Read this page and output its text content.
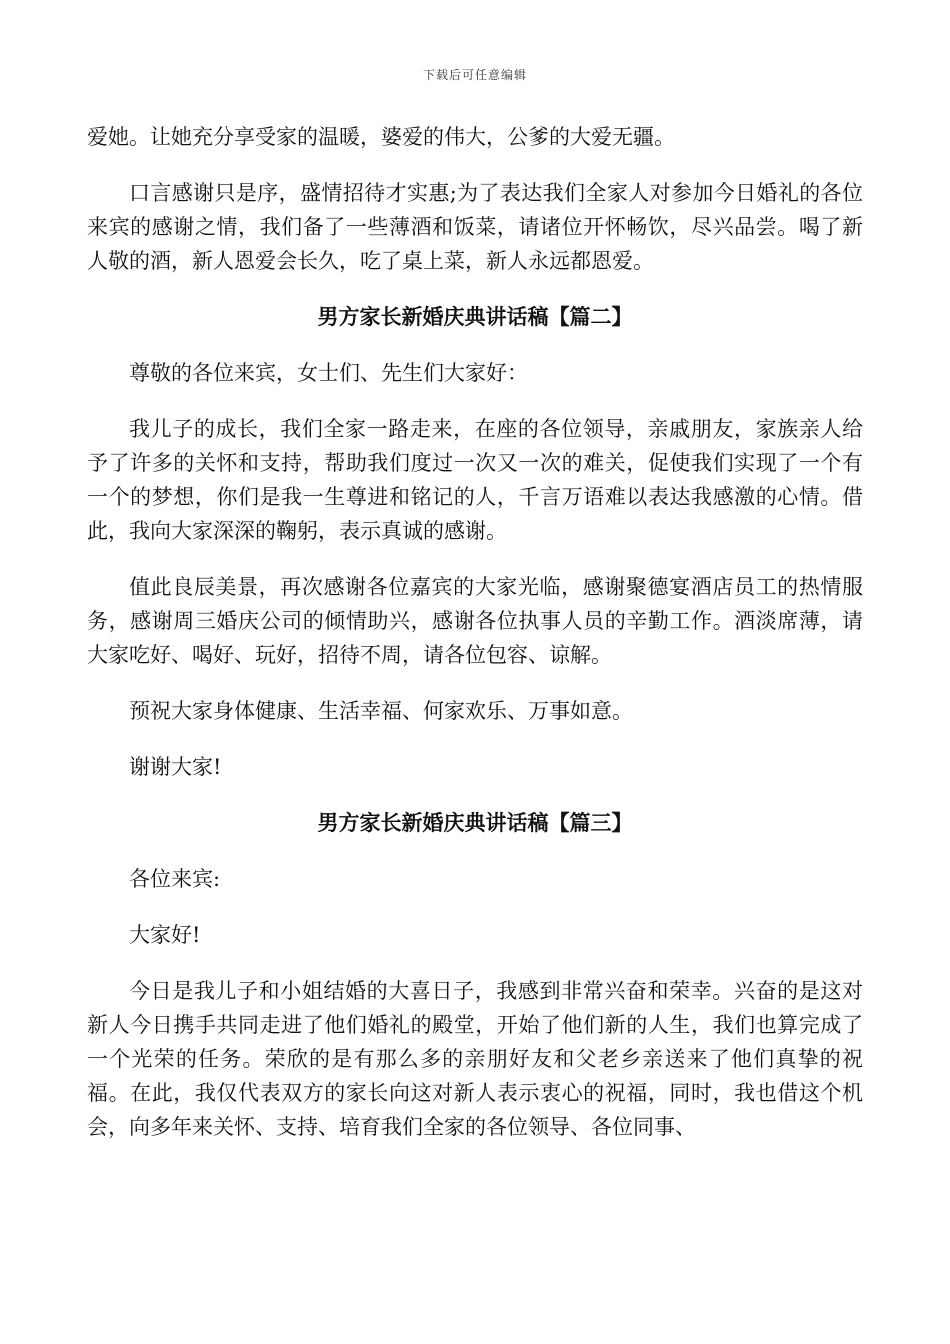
下载后可任意编辑

爱她。让她充分享受家的温暖，婆爱的伟大，公爹的大爱无疆。

口言感谢只是序，盛情招待才实惠;为了表达我们全家人对参加今日婚礼的各位来宾的感谢之情，我们备了一些薄酒和饭菜，请诸位开怀畅饮，尽兴品尝。喝了新人敬的酒，新人恩爱会长久，吃了桌上菜，新人永远都恩爱。

男方家长新婚庆典讲话稿【篇二】

尊敬的各位来宾，女士们、先生们大家好：

我儿子的成长，我们全家一路走来，在座的各位领导，亲戚朋友，家族亲人给予了许多的关怀和支持，帮助我们度过一次又一次的难关，促使我们实现了一个有一个的梦想，你们是我一生尊进和铭记的人，千言万语难以表达我感激的心情。借此，我向大家深深的鞠躬，表示真诚的感谢。

值此良辰美景，再次感谢各位嘉宾的大家光临，感谢聚德宴酒店员工的热情服务，感谢周三婚庆公司的倾情助兴，感谢各位执事人员的辛勤工作。酒淡席薄，请大家吃好、喝好、玩好，招待不周，请各位包容、谅解。

预祝大家身体健康、生活幸福、何家欢乐、万事如意。

谢谢大家!

男方家长新婚庆典讲话稿【篇三】

各位来宾:

大家好!

今日是我儿子和小姐结婚的大喜日子，我感到非常兴奋和荣幸。兴奋的是这对新人今日携手共同走进了他们婚礼的殿堂，开始了他们新的人生，我们也算完成了一个光荣的任务。荣欣的是有那么多的亲朋好友和父老乡亲送来了他们真挚的祝福。在此，我仅代表双方的家长向这对新人表示衷心的祝福，同时，我也借这个机会，向多年来关怀、支持、培育我们全家的各位领导、各位同事、
